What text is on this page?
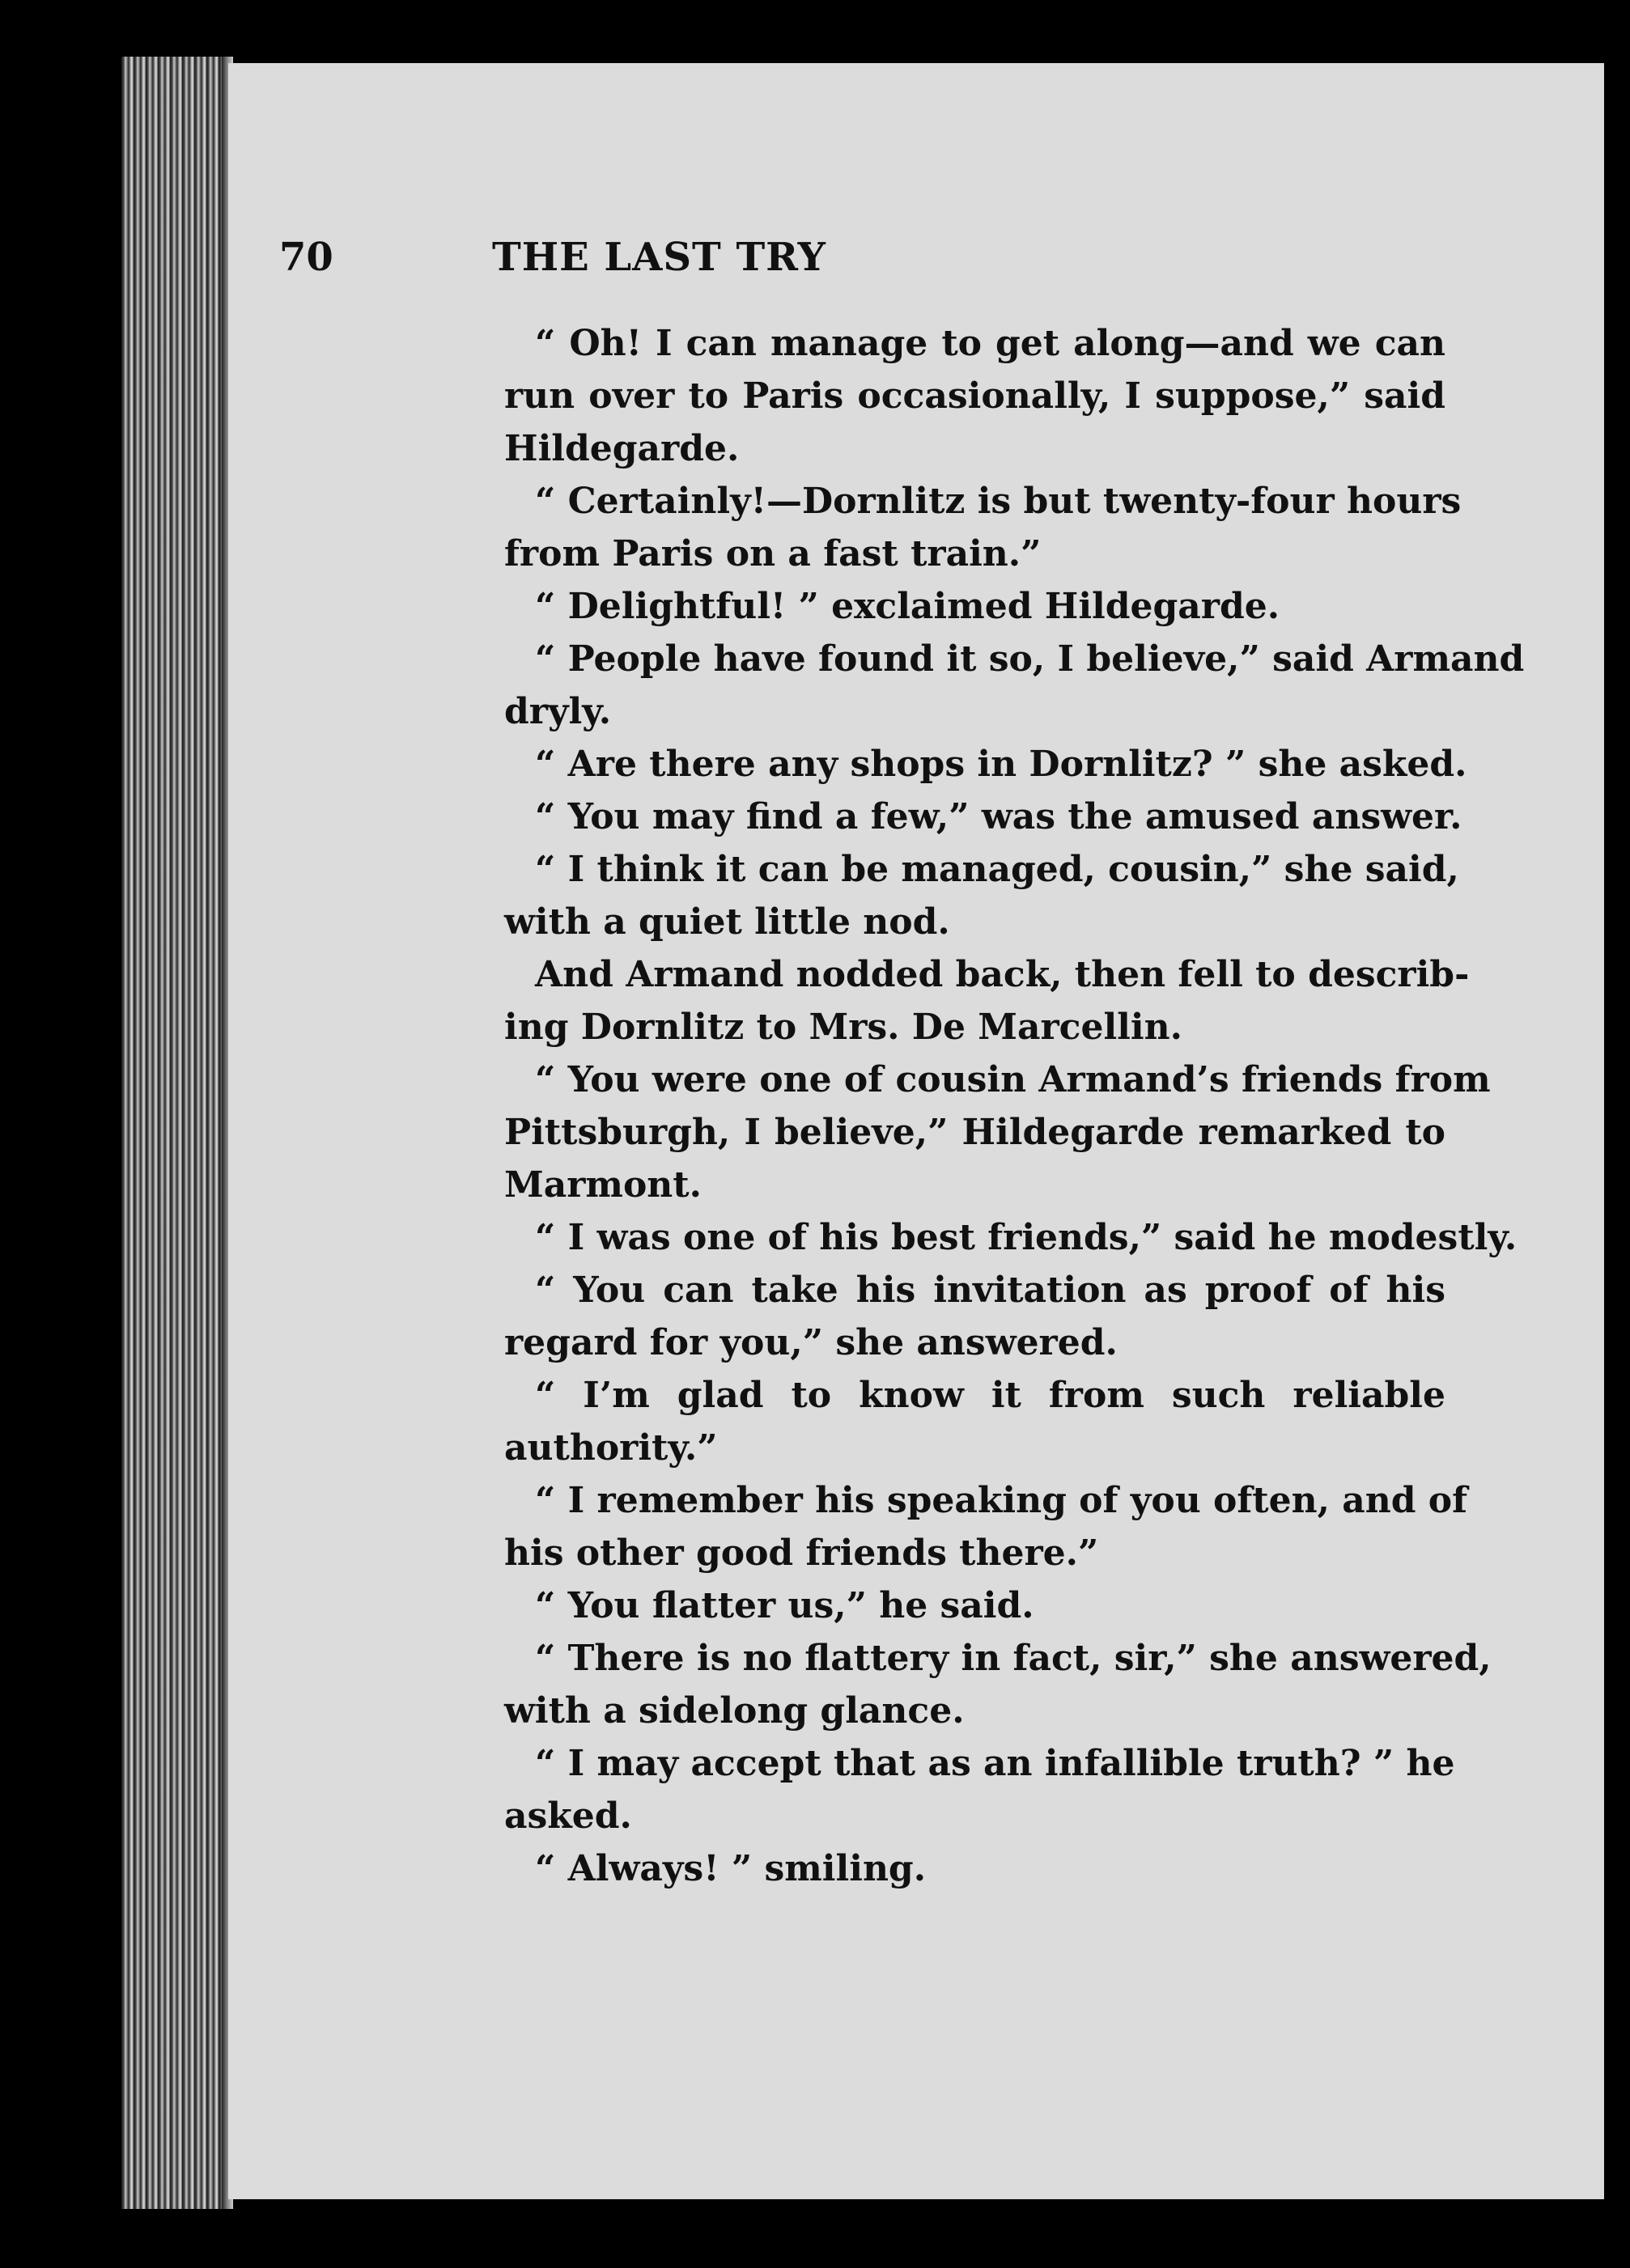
70	THE LAST TRY
“ Oh! I can manage to get along—and we can
run over to Paris occasionally, I suppose,” said
Hildegarde.
“ Certainly!—Dornlitz is but twenty-four hours
from Paris on a fast train.”
“ Delightful! ” exclaimed Hildegarde.
“ People have found it so, I believe,” said Armand
dryly.
“ Are there any shops in Dornlitz? ” she asked.
“ You may find a few,” was the amused answer.
“ I think it can be managed, cousin,” she said,
with a quiet little nod.
And Armand nodded back, then fell to describ-
ing Dornlitz to Mrs. De Marcellin.
“ You were one of cousin Armand’s friends from
Pittsburgh, I believe,” Hildegarde remarked to
Marmont.
“ I was one of his best friends,” said he modestly.
“ You can take his invitation as proof of his
regard for you,” she answered.
“ I’m glad to know it from such reliable
authority.”
“ I remember his speaking of you often, and of
his other good friends there.”
“ You flatter us,” he said.
“ There is no flattery in fact, sir,” she answered,
with a sidelong glance.
“ I may accept that as an infallible truth? ” he
asked.
“ Always! ” smiling.
